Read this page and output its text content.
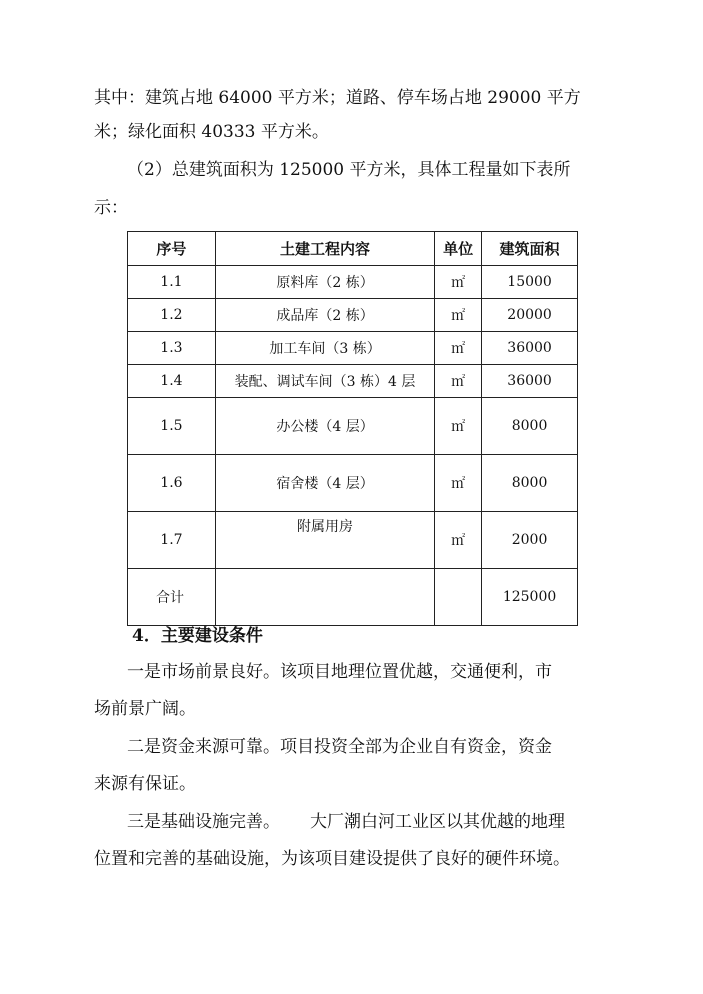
其中：建筑占地 64000 平方米；道路、停车场占地 29000 平方
米；绿化面积 40333 平方米。
（2）总建筑面积为 125000 平方米，具体工程量如下表所
示：
序号	土建工程内容	单位	建筑面积
1.1	原料库（2 栋）	㎡	15000
1.2	成品库（2 栋）	㎡	20000
1.3	加工车间（3 栋）	㎡	36000
1.4	装配、调试车间（3 栋）4 层	㎡	36000
1.5	办公楼（4 层）	㎡	8000
1.6	宿舍楼（4 层）	㎡	8000
1.7	附属用房	㎡	2000
合计			125000
4．主要建设条件
一是市场前景良好。该项目地理位置优越，交通便利，市
场前景广阔。
二是资金来源可靠。项目投资全部为企业自有资金，资金
来源有保证。
三是基础设施完善。 大厂潮白河工业区以其优越的地理
位置和完善的基础设施，为该项目建设提供了良好的硬件环境。
